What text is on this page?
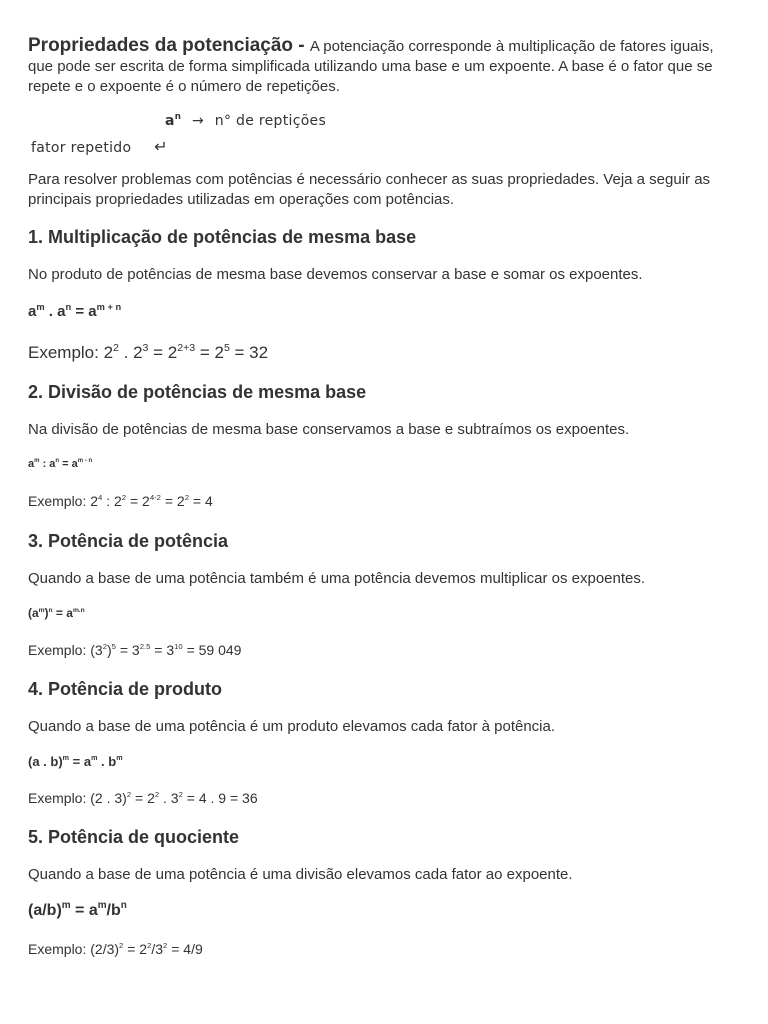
Propriedades da potenciação - A potenciação corresponde à multiplicação de fatores iguais, que pode ser escrita de forma simplificada utilizando uma base e um expoente. A base é o fator que se repete e o expoente é o número de repetições.
$a^n \to n^\circ$ de reptições
fator repetido ↵
Para resolver problemas com potências é necessário conhecer as suas propriedades. Veja a seguir as principais propriedades utilizadas em operações com potências.
1. Multiplicação de potências de mesma base
No produto de potências de mesma base devemos conservar a base e somar os expoentes.
$a^m$ . $a^n = a^{m + n}$
Exemplo: $2^2$ . $2^3 = 2^{2+3} = 2^5 = 32$
2. Divisão de potências de mesma base
Na divisão de potências de mesma base conservamos a base e subtraímos os expoentes.
$a^m$ : $a^n = a^{m - n}$
Exemplo: $2^4$ : $2^2 = 2^{4-2} = 2^2 = 4$
3. Potência de potência
Quando a base de uma potência também é uma potência devemos multiplicar os expoentes.
$(a^m)^n = a^{m.n}$
Exemplo: $(3^2)^5 = 3^{2.5} = 3^{10} = 59$ 049
4. Potência de produto
Quando a base de uma potência é um produto elevamos cada fator à potência.
(a . $b)^m = a^m$ . $b^m$
Exemplo: (2 . $3)^2 = 2^2$ . $3^2 = 4$ . 9 = 36
5. Potência de quociente
Quando a base de uma potência é uma divisão elevamos cada fator ao expoente.
$(a/b)^m = a^m/b^n$
Exemplo: $(2/3)^2 = 2^2/3^2 = 4/9$
